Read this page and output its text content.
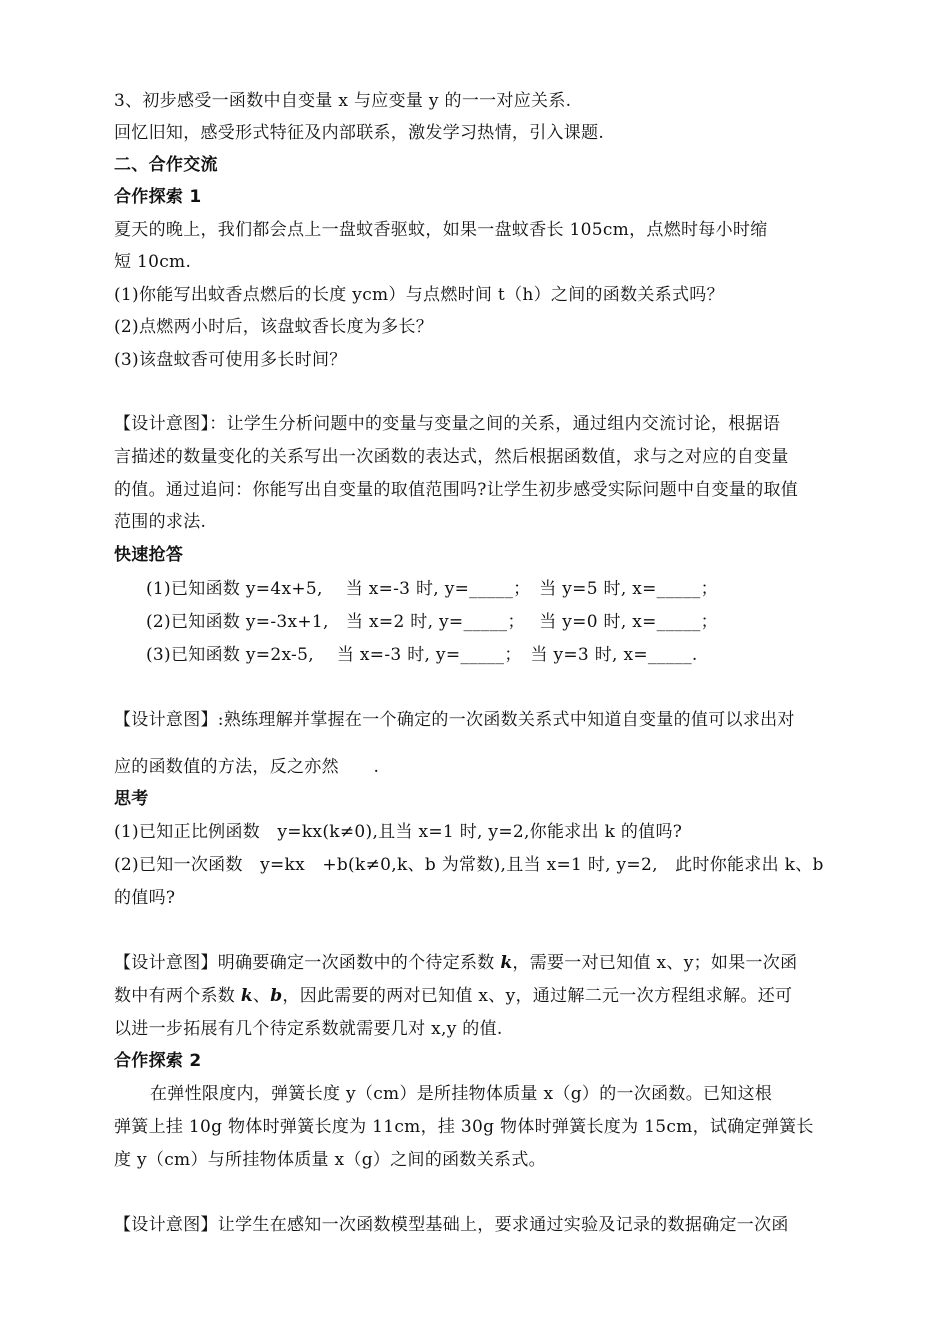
3、初步感受一函数中自变量 x 与应变量 y 的一一对应关系.
回忆旧知，感受形式特征及内部联系，激发学习热情，引入课题.
二、合作交流
合作探索 1
夏天的晚上，我们都会点上一盘蚊香驱蚊，如果一盘蚊香长 105cm，点燃时每小时缩
短 10cm.
(1)你能写出蚊香点燃后的长度 ycm）与点燃时间 t（h）之间的函数关系式吗？
(2)点燃两小时后，该盘蚊香长度为多长？
(3)该盘蚊香可使用多长时间？
【设计意图】：让学生分析问题中的变量与变量之间的关系，通过组内交流讨论，根据语
言描述的数量变化的关系写出一次函数的表达式，然后根据函数值，求与之对应的自变量
的值。通过追问：你能写出自变量的取值范围吗?让学生初步感受实际问题中自变量的取值
范围的求法.
快速抢答
(1)已知函数 y=4x+5,　 当 x=-3 时, y=_____；　当 y=5 时, x=_____；
(2)已知函数 y=-3x+1,　当 x=2 时, y=_____；　 当 y=0 时, x=_____；
(3)已知函数 y=2x-5,　 当 x=-3 时, y=_____；　当 y=3 时, x=_____.
【设计意图】:熟练理解并掌握在一个确定的一次函数关系式中知道自变量的值可以求出对
应的函数值的方法，反之亦然　　.
思考
(1)已知正比例函数　y=kx(k≠0),且当 x=1 时, y=2,你能求出 k 的值吗?
(2)已知一次函数　y=kx　+b(k≠0,k、b 为常数),且当 x=1 时, y=2,　此时你能求出 k、b
的值吗?
【设计意图】明确要确定一次函数中的个待定系数 k，需要一对已知值 x、y；如果一次函
数中有两个系数 k、b，因此需要的两对已知值 x、y，通过解二元一次方程组求解。还可
以进一步拓展有几个待定系数就需要几对 x,y 的值.
合作探索 2
在弹性限度内，弹簧长度 y（cm）是所挂物体质量 x（g）的一次函数。已知这根
弹簧上挂 10g 物体时弹簧长度为 11cm，挂 30g 物体时弹簧长度为 15cm，试确定弹簧长
度 y（cm）与所挂物体质量 x（g）之间的函数关系式。
【设计意图】让学生在感知一次函数模型基础上，要求通过实验及记录的数据确定一次函
